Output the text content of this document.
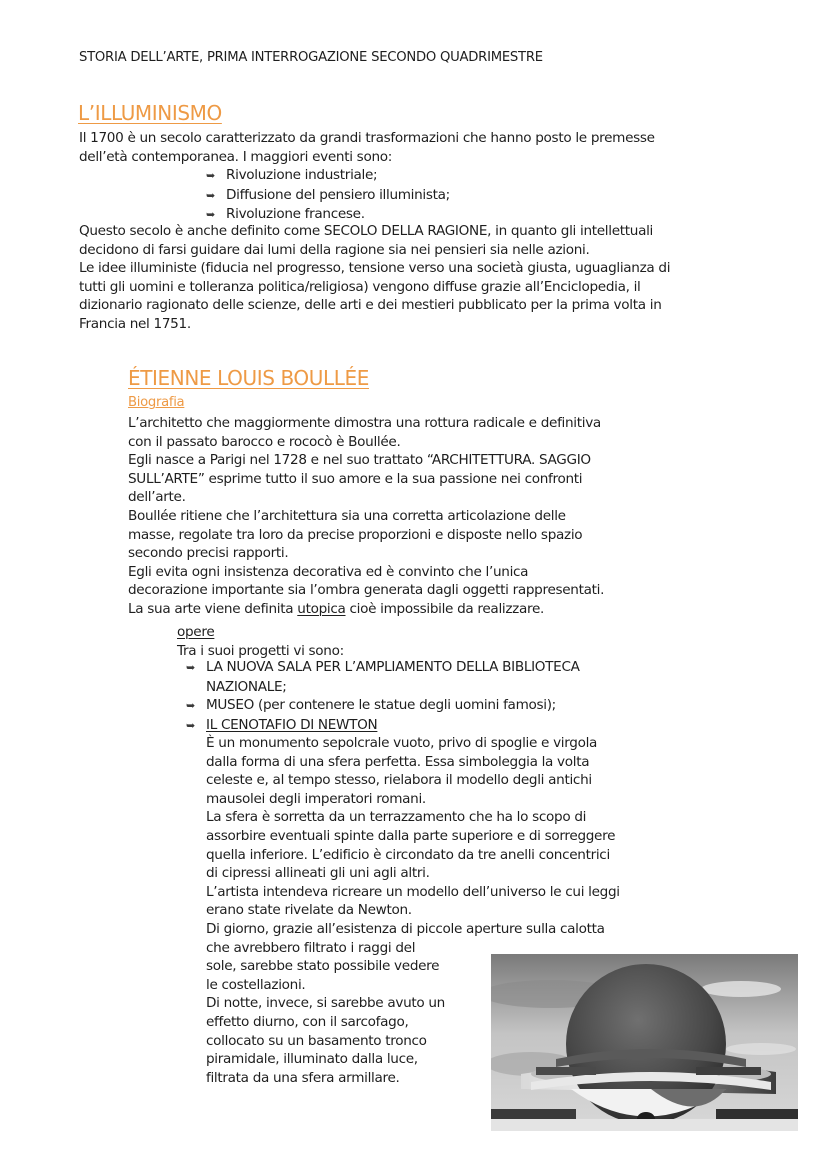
STORIA DELL’ARTE, PRIMA INTERROGAZIONE SECONDO QUADRIMESTRE
L’ILLUMINISMO
Il 1700 è un secolo caratterizzato da grandi trasformazioni che hanno posto le premesse
dell’età contemporanea. I maggiori eventi sono:
➥ Rivoluzione industriale;
➥ Diffusione del pensiero illuminista;
➥ Rivoluzione francese.
Questo secolo è anche definito come SECOLO DELLA RAGIONE, in quanto gli intellettuali
decidono di farsi guidare dai lumi della ragione sia nei pensieri sia nelle azioni.
Le idee illuministe (fiducia nel progresso, tensione verso una società giusta, uguaglianza di
tutti gli uomini e tolleranza politica/religiosa) vengono diffuse grazie all’Enciclopedia, il
dizionario ragionato delle scienze, delle arti e dei mestieri pubblicato per la prima volta in
Francia nel 1751.
ÉTIENNE LOUIS BOULLÉE
Biografia
L’architetto che maggiormente dimostra una rottura radicale e definitiva
con il passato barocco e rococò è Boullée.
Egli nasce a Parigi nel 1728 e nel suo trattato “ARCHITETTURA. SAGGIO
SULL’ARTE” esprime tutto il suo amore e la sua passione nei confronti
dell’arte.
Boullée ritiene che l’architettura sia una corretta articolazione delle
masse, regolate tra loro da precise proporzioni e disposte nello spazio
secondo precisi rapporti.
Egli evita ogni insistenza decorativa ed è convinto che l’unica
decorazione importante sia l’ombra generata dagli oggetti rappresentati.
La sua arte viene definita utopica cioè impossibile da realizzare.
opere
Tra i suoi progetti vi sono:
➥ LA NUOVA SALA PER L’AMPLIAMENTO DELLA BIBLIOTECA
NAZIONALE;
➥ MUSEO (per contenere le statue degli uomini famosi);
➥ IL CENOTAFIO DI NEWTON
È un monumento sepolcrale vuoto, privo di spoglie e virgola
dalla forma di una sfera perfetta. Essa simboleggia la volta
celeste e, al tempo stesso, rielabora il modello degli antichi
mausolei degli imperatori romani.
La sfera è sorretta da un terrazzamento che ha lo scopo di
assorbire eventuali spinte dalla parte superiore e di sorreggere
quella inferiore. L’edificio è circondato da tre anelli concentrici
di cipressi allineati gli uni agli altri.
L’artista intendeva ricreare un modello dell’universo le cui leggi
erano state rivelate da Newton.
Di giorno, grazie all’esistenza di piccole aperture sulla calotta
che avrebbero filtrato i raggi del
sole, sarebbe stato possibile vedere
le costellazioni.
Di notte, invece, si sarebbe avuto un
effetto diurno, con il sarcofago,
collocato su un basamento tronco
piramidale, illuminato dalla luce,
filtrata da una sfera armillare.
